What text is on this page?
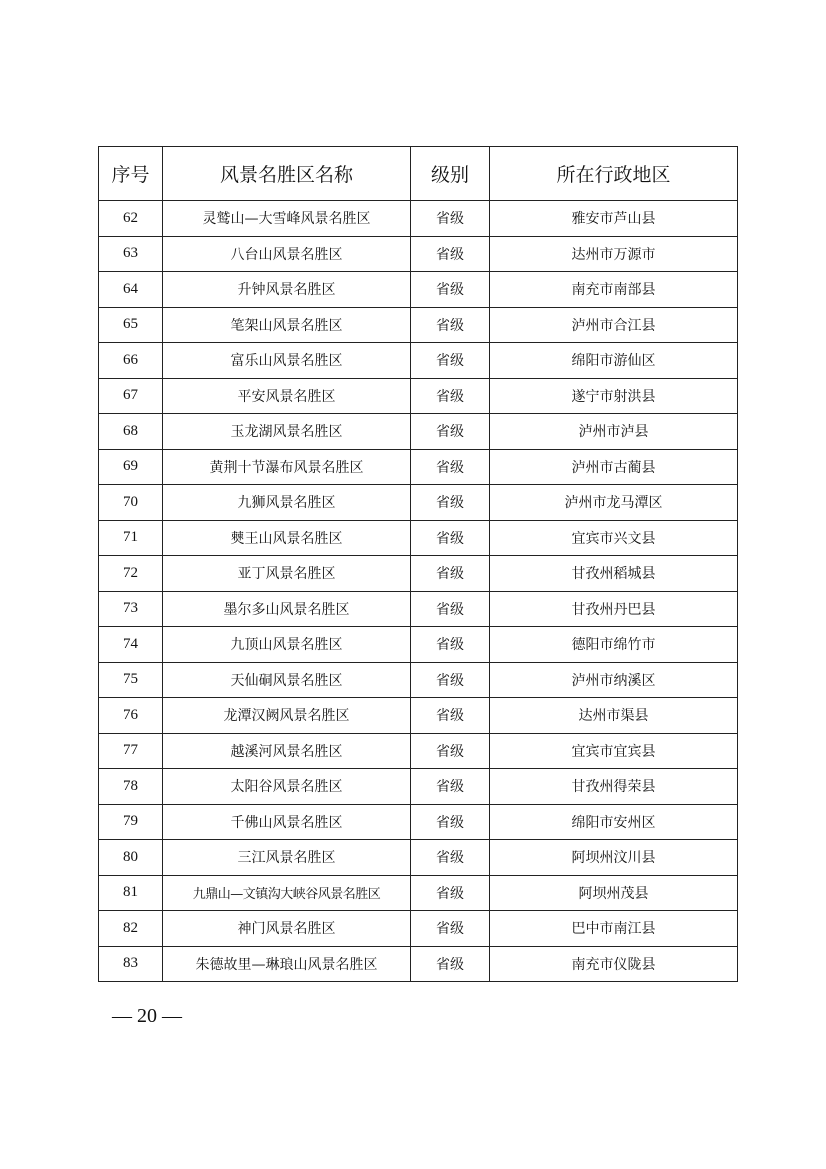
序号	风景名胜区名称	级别	所在行政地区
62	灵鹫山—大雪峰风景名胜区	省级	雅安市芦山县
63	八台山风景名胜区	省级	达州市万源市
64	升钟风景名胜区	省级	南充市南部县
65	笔架山风景名胜区	省级	泸州市合江县
66	富乐山风景名胜区	省级	绵阳市游仙区
67	平安风景名胜区	省级	遂宁市射洪县
68	玉龙湖风景名胜区	省级	泸州市泸县
69	黄荆十节瀑布风景名胜区	省级	泸州市古蔺县
70	九狮风景名胜区	省级	泸州市龙马潭区
71	僰王山风景名胜区	省级	宜宾市兴文县
72	亚丁风景名胜区	省级	甘孜州稻城县
73	墨尔多山风景名胜区	省级	甘孜州丹巴县
74	九顶山风景名胜区	省级	德阳市绵竹市
75	天仙硐风景名胜区	省级	泸州市纳溪区
76	龙潭汉阙风景名胜区	省级	达州市渠县
77	越溪河风景名胜区	省级	宜宾市宜宾县
78	太阳谷风景名胜区	省级	甘孜州得荣县
79	千佛山风景名胜区	省级	绵阳市安州区
80	三江风景名胜区	省级	阿坝州汶川县
81	九鼎山—文镇沟大峡谷风景名胜区	省级	阿坝州茂县
82	神门风景名胜区	省级	巴中市南江县
83	朱德故里—琳琅山风景名胜区	省级	南充市仪陇县
— 20 —
